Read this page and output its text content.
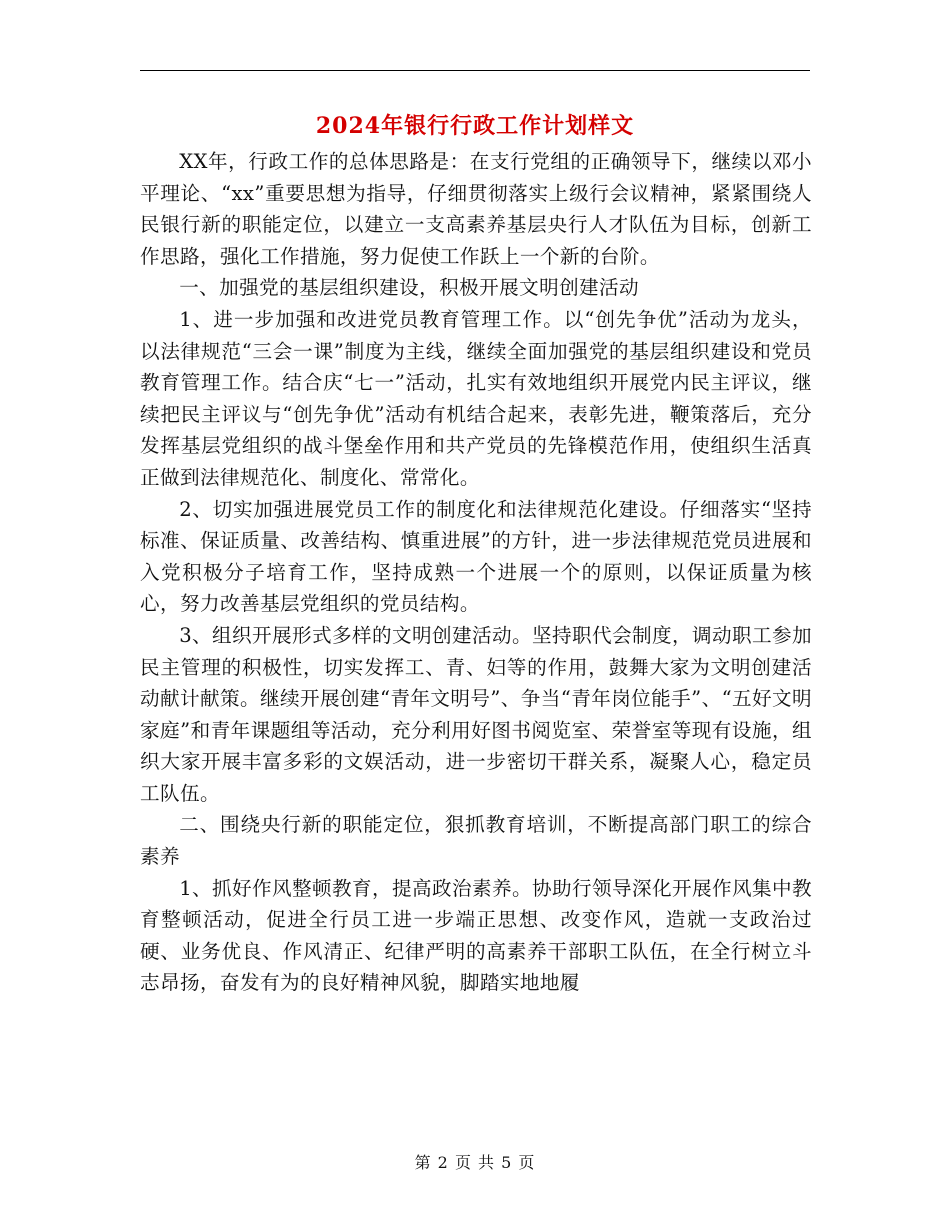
2024年银行行政工作计划样文

XX年，行政工作的总体思路是：在支行党组的正确领导下，继续以邓小平理论、“xx”重要思想为指导，仔细贯彻落实上级行会议精神，紧紧围绕人民银行新的职能定位，以建立一支高素养基层央行人才队伍为目标，创新工作思路，强化工作措施，努力促使工作跃上一个新的台阶。

一、加强党的基层组织建设，积极开展文明创建活动

1、进一步加强和改进党员教育管理工作。以“创先争优”活动为龙头，以法律规范“三会一课”制度为主线，继续全面加强党的基层组织建设和党员教育管理工作。结合庆“七一”活动，扎实有效地组织开展党内民主评议，继续把民主评议与“创先争优”活动有机结合起来，表彰先进，鞭策落后，充分发挥基层党组织的战斗堡垒作用和共产党员的先锋模范作用，使组织生活真正做到法律规范化、制度化、常常化。

2、切实加强进展党员工作的制度化和法律规范化建设。仔细落实“坚持标准、保证质量、改善结构、慎重进展”的方针，进一步法律规范党员进展和入党积极分子培育工作，坚持成熟一个进展一个的原则，以保证质量为核心，努力改善基层党组织的党员结构。

3、组织开展形式多样的文明创建活动。坚持职代会制度，调动职工参加民主管理的积极性，切实发挥工、青、妇等的作用，鼓舞大家为文明创建活动献计献策。继续开展创建“青年文明号”、争当“青年岗位能手”、“五好文明家庭”和青年课题组等活动，充分利用好图书阅览室、荣誉室等现有设施，组织大家开展丰富多彩的文娱活动，进一步密切干群关系，凝聚人心，稳定员工队伍。

二、围绕央行新的职能定位，狠抓教育培训，不断提高部门职工的综合素养

1、抓好作风整顿教育，提高政治素养。协助行领导深化开展作风集中教育整顿活动，促进全行员工进一步端正思想、改变作风，造就一支政治过硬、业务优良、作风清正、纪律严明的高素养干部职工队伍，在全行树立斗志昂扬，奋发有为的良好精神风貌，脚踏实地地履

第 2 页 共 5 页
